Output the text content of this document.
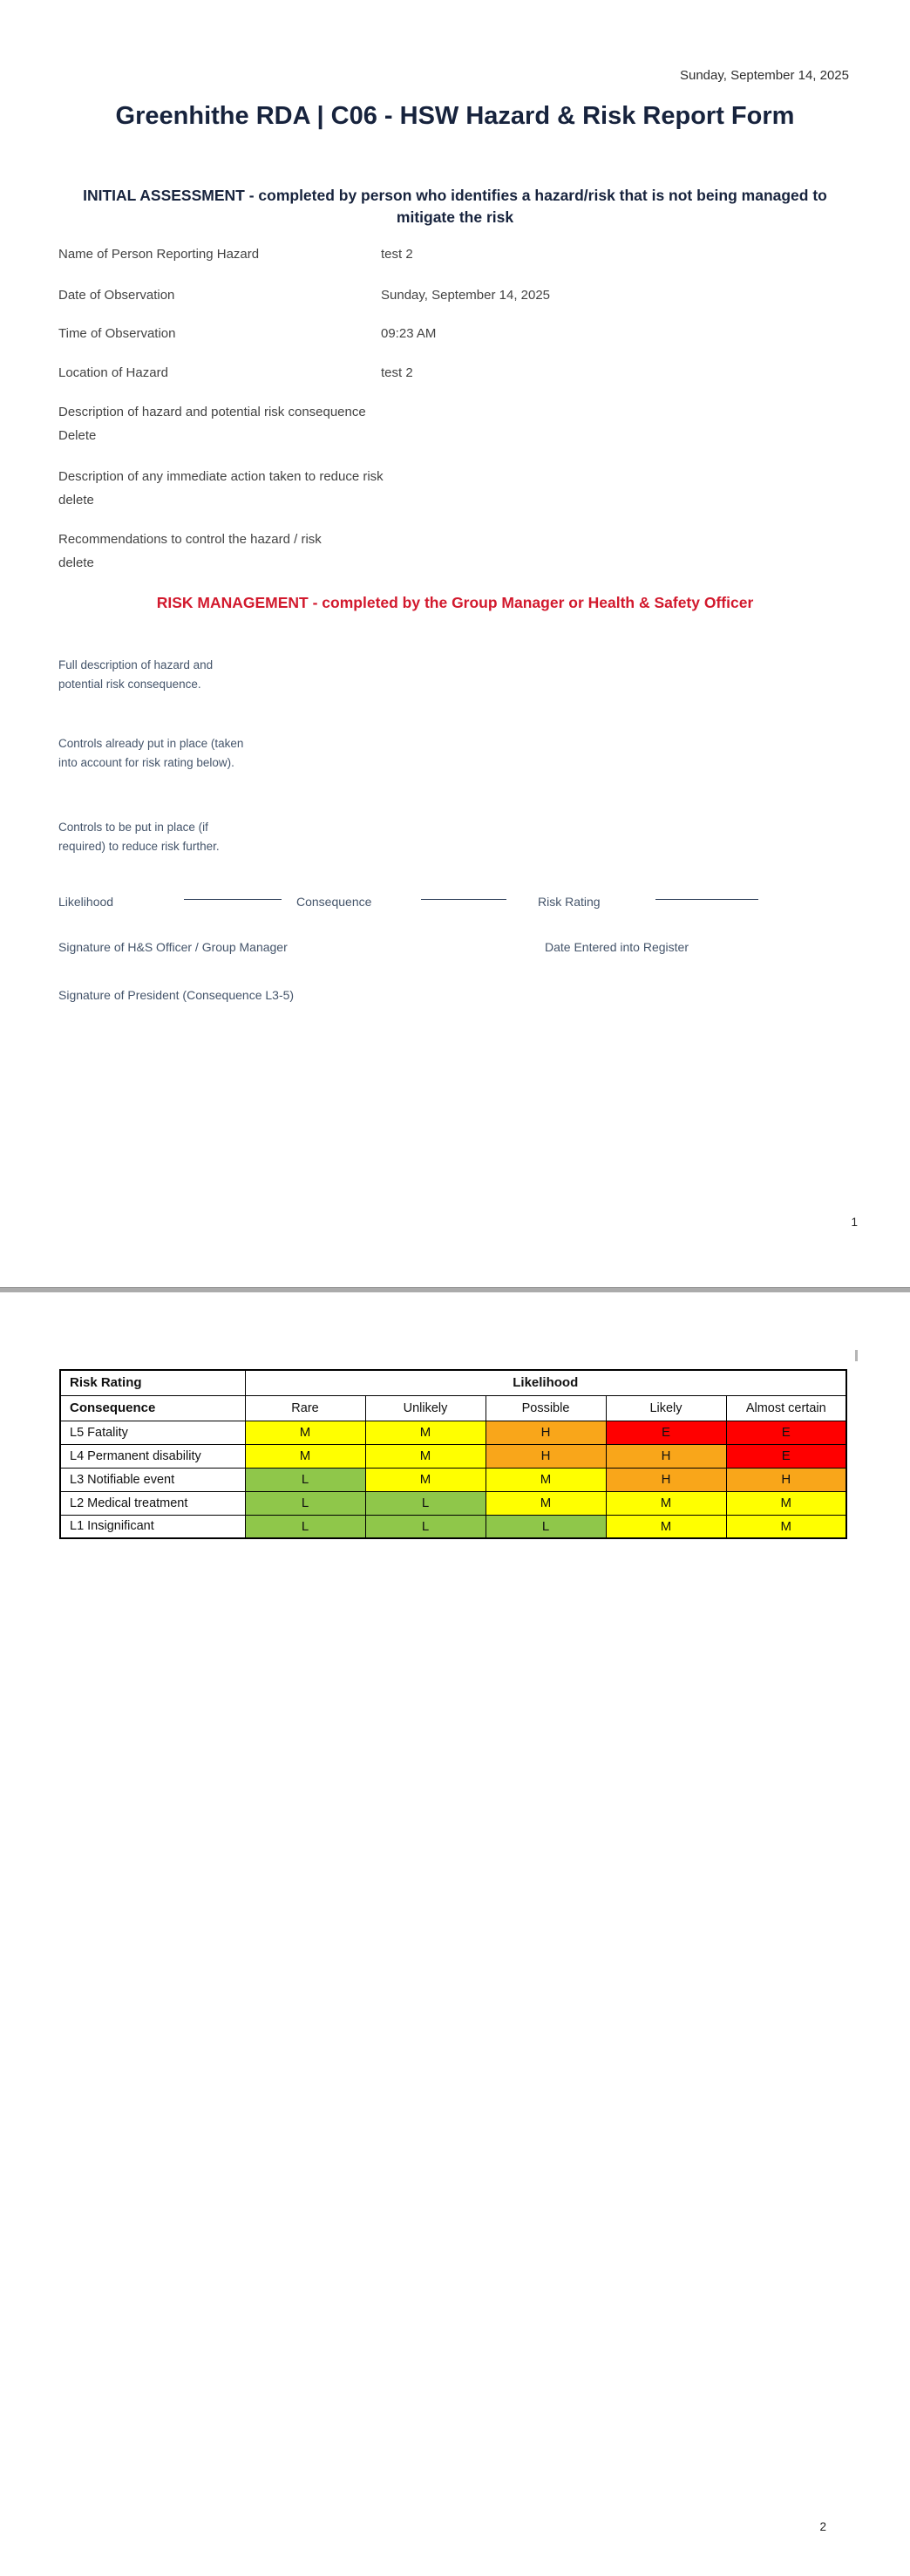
Sunday, September 14, 2025
Greenhithe RDA | C06 - HSW Hazard & Risk Report Form
INITIAL ASSESSMENT - completed by person who identifies a hazard/risk that is not being managed to mitigate the risk
Name of Person Reporting Hazard	test 2
Date of Observation	Sunday, September 14, 2025
Time of Observation	09:23 AM
Location of Hazard	test 2
Description of hazard and potential risk consequence
Delete
Description of any immediate action taken to reduce risk
delete
Recommendations to control the hazard / risk
delete
RISK MANAGEMENT - completed by the Group Manager or Health & Safety Officer
Full description of hazard and potential risk consequence.
Controls already put in place (taken into account for risk rating below).
Controls to be put in place (if required) to reduce risk further.
Likelihood	Consequence	Risk Rating
Signature of H&S Officer / Group Manager	Date Entered into Register
Signature of President (Consequence L3-5)
1
Risk Rating	Likelihood				
Consequence	Rare	Unlikely	Possible	Likely	Almost certain
L5 Fatality	M	M	H	E	E
L4 Permanent disability	M	M	H	H	E
L3 Notifiable event	L	M	M	H	H
L2 Medical treatment	L	L	M	M	M
L1 Insignificant	L	L	L	M	M
2
